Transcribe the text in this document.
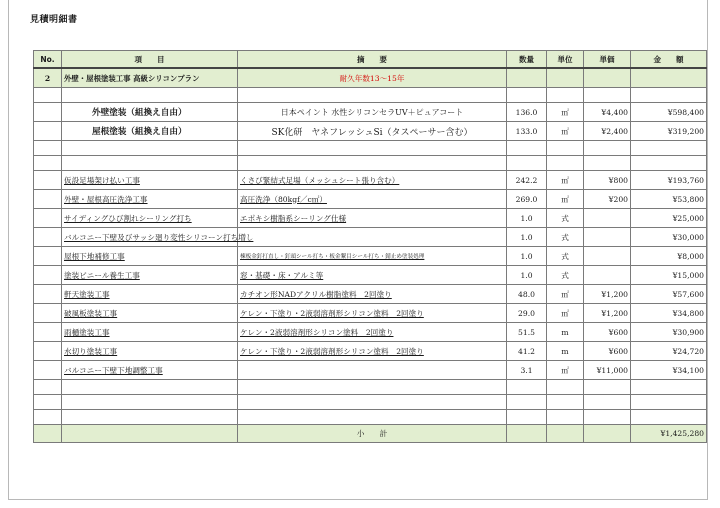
見積明細書
No.	項　　目	摘　　要	数量	単位	単価	金　　額
2	外壁・屋根塗装工事 高級シリコンプラン	耐久年数13～15年				

	外壁塗装（組換え自由）	日本ペイント 水性シリコンセラUV＋ピュアコート	136.0	㎡	¥4,400	¥598,400
	屋根塗装（組換え自由）	SK化研　ヤネフレッシュSi（タスペーサー含む）	133.0	㎡	¥2,400	¥319,200

	仮設足場架け払い工事	くさび緊結式足場（メッシュシート張り含む）	242.2	㎡	¥800	¥193,760
	外壁・屋根高圧洗浄工事	高圧洗浄（80kgf／c㎡）	269.0	㎡	¥200	¥53,800
	サイディングひび割れシーリング打ち	エポキシ樹脂系シーリング仕様	1.0	式		¥25,000
	バルコニー下壁及びサッシ廻り変性シリコーン打ち増し		1.0	式		¥30,000
	屋根下地補修工事	棟板金釘打直し・釘頭シール打ち・板金繋目シール打ち・錆止め塗装処理	1.0	式		¥8,000
	塗装ビニール養生工事	窓・基礎・床・アルミ等	1.0	式		¥15,000
	軒天塗装工事	カチオン形NADアクリル樹脂塗料　2回塗り	48.0	㎡	¥1,200	¥57,600
	破風板塗装工事	ケレン・下塗り・2液弱溶剤形シリコン塗料　2回塗り	29.0	㎡	¥1,200	¥34,800
	雨樋塗装工事	ケレン・2液弱溶剤形シリコン塗料　2回塗り	51.5	m	¥600	¥30,900
	水切り塗装工事	ケレン・下塗り・2液弱溶剤形シリコン塗料　2回塗り	41.2	m	¥600	¥24,720
	バルコニー下壁下地調整工事		3.1	㎡	¥11,000	¥34,100

		小　　計				¥1,425,280
